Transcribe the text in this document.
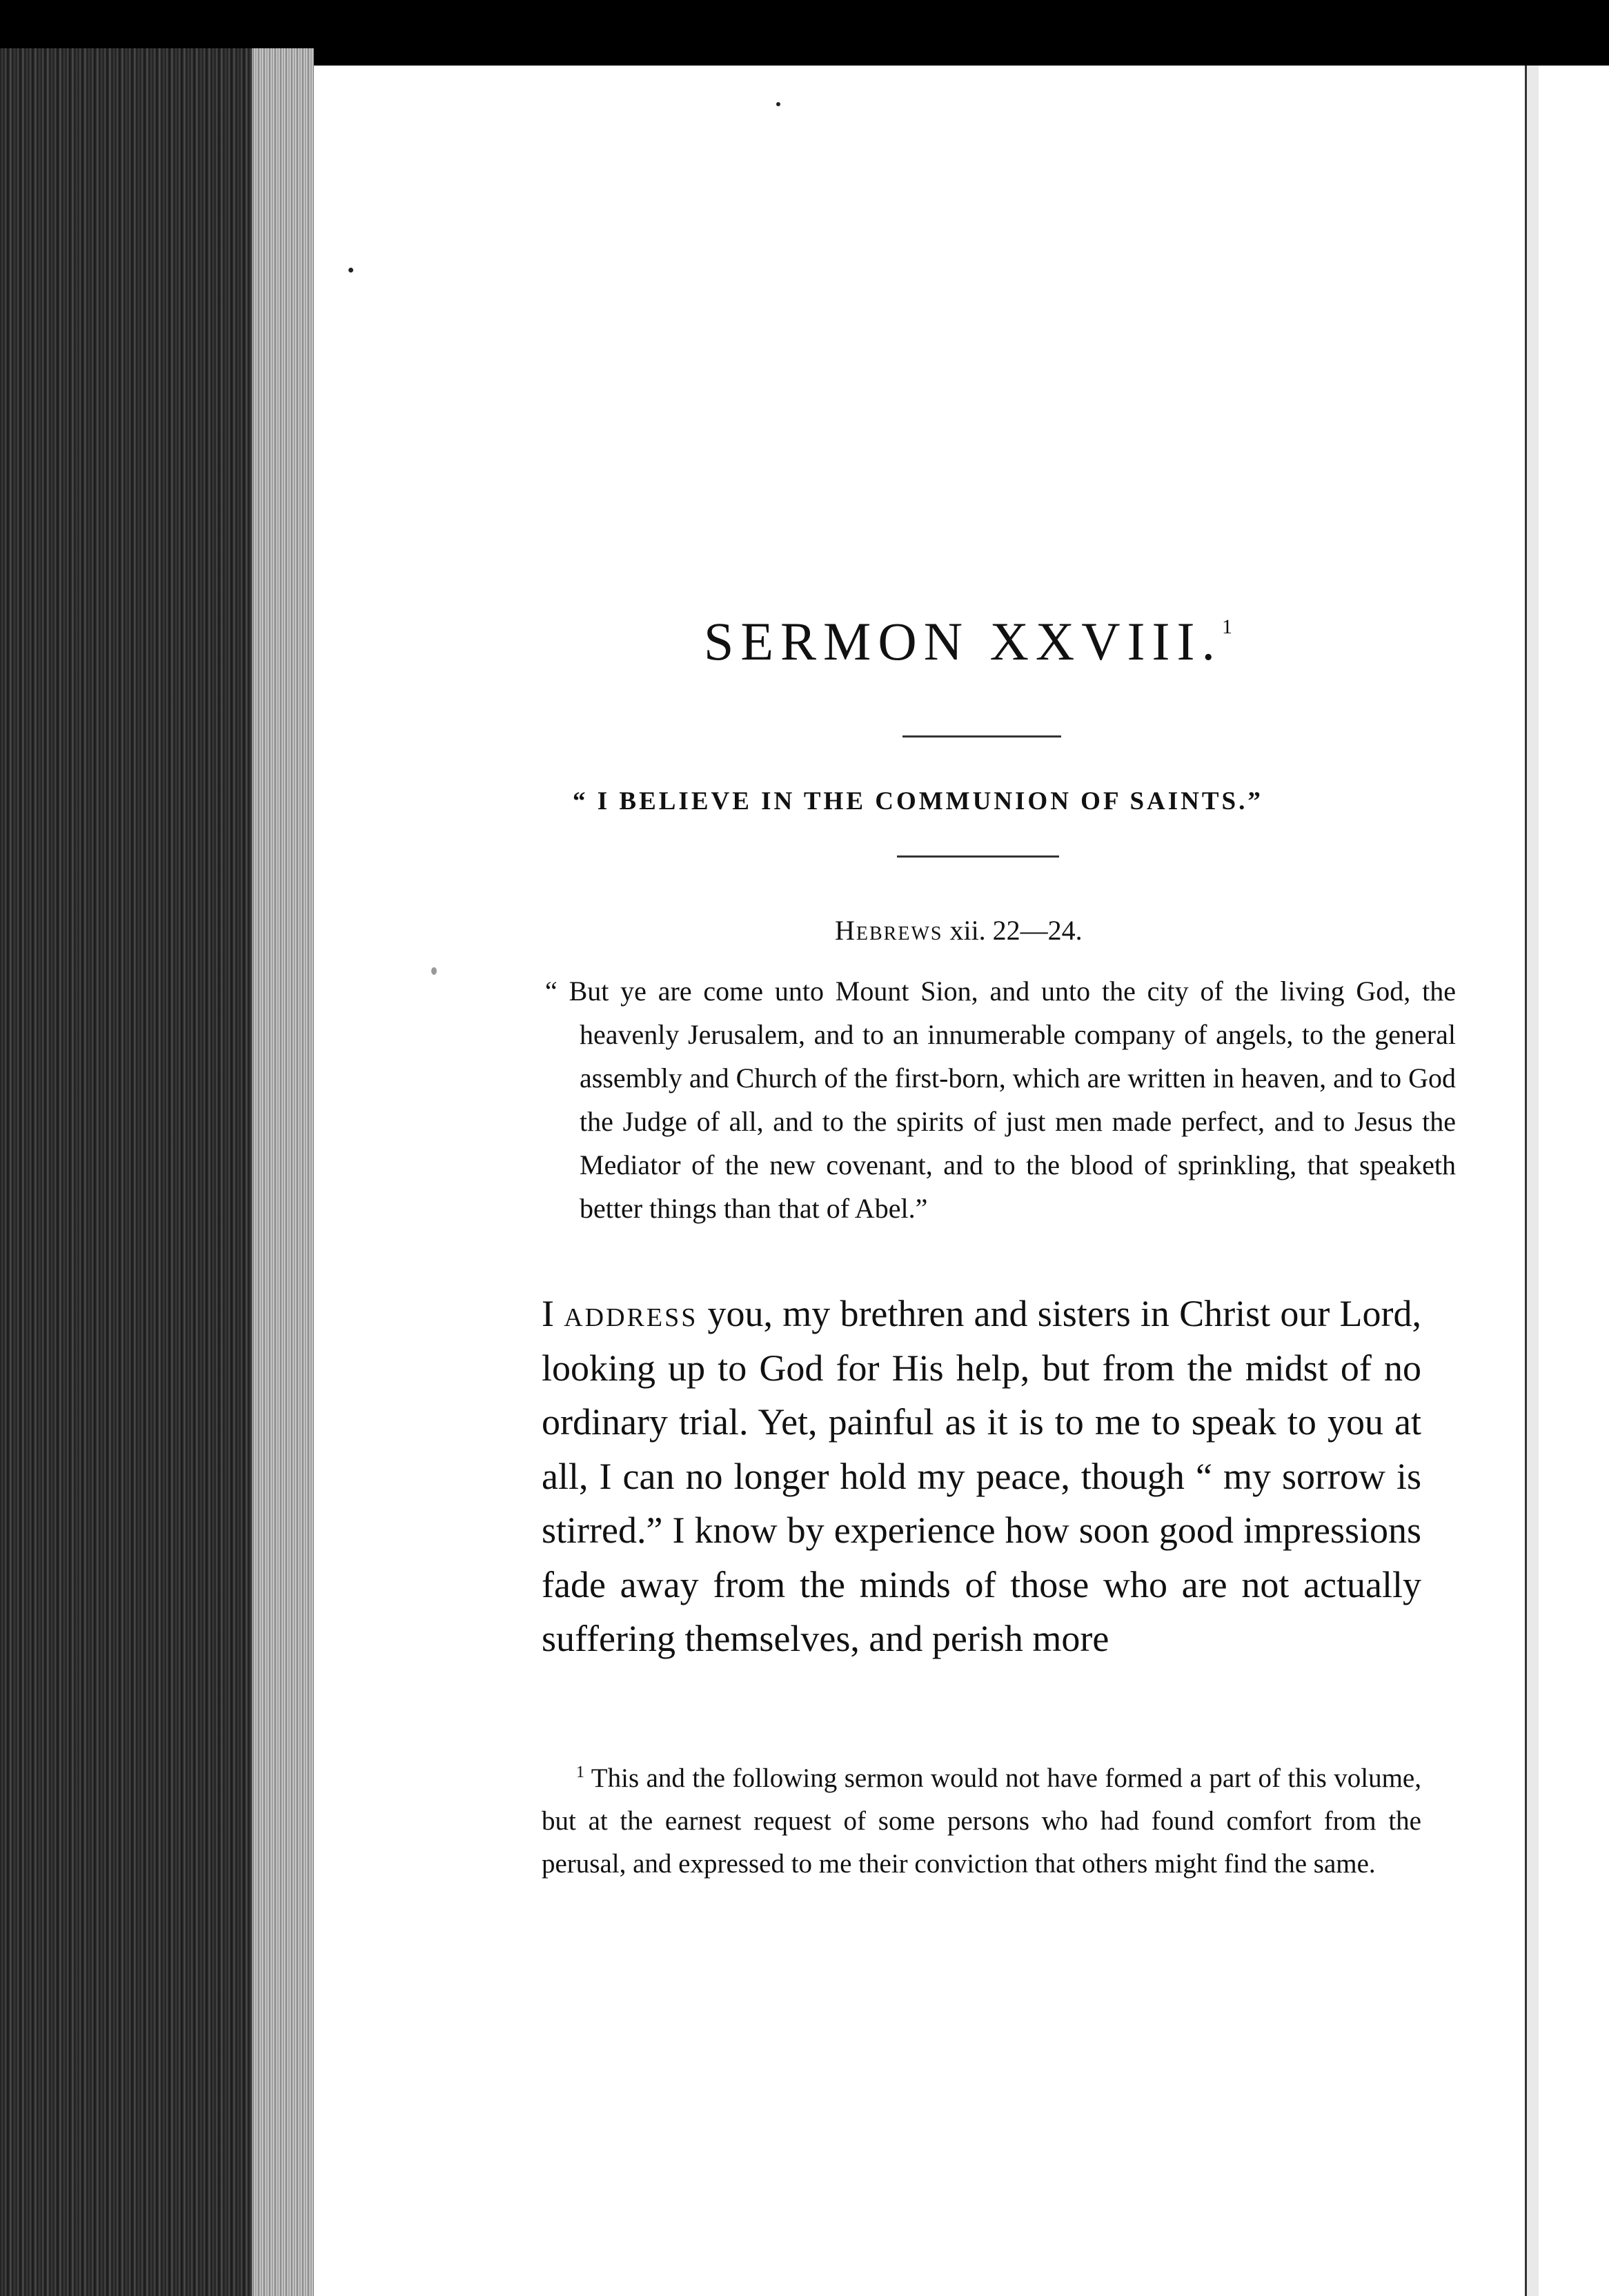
SERMON XXVIII.$^1$
“ I BELIEVE IN THE COMMUNION OF SAINTS.”
Hebrews xii. 22—24.
“ But ye are come unto Mount Sion, and unto the city of the living God, the heavenly Jerusalem, and to an innumerable company of angels, to the general assembly and Church of the first-born, which are written in heaven, and to God the Judge of all, and to the spirits of just men made perfect, and to Jesus the Mediator of the new covenant, and to the blood of sprinkling, that speaketh better things than that of Abel.”
I address you, my brethren and sisters in Christ our Lord, looking up to God for His help, but from the midst of no ordinary trial. Yet, painful as it is to me to speak to you at all, I can no longer hold my peace, though “ my sorrow is stirred.” I know by experience how soon good impressions fade away from the minds of those who are not actually suffering themselves, and perish more
$^1$ This and the following sermon would not have formed a part of this volume, but at the earnest request of some persons who had found comfort from the perusal, and expressed to me their conviction that others might find the same.
